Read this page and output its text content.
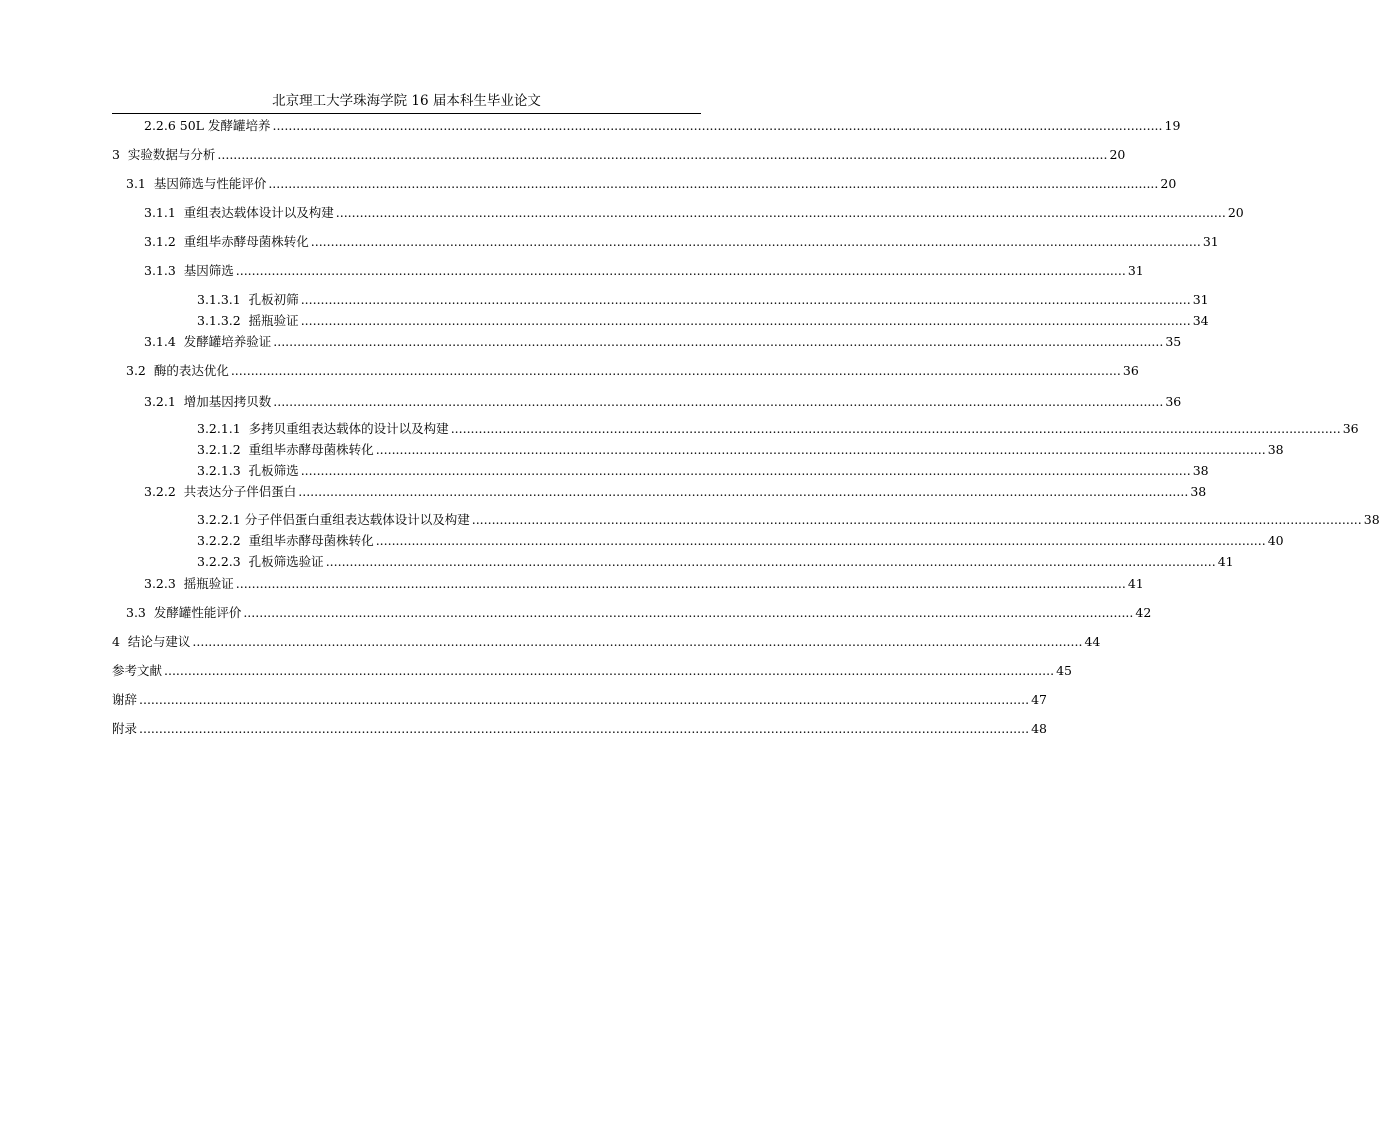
北京理工大学珠海学院 16 届本科生毕业论文
2.2.6 50L 发酵罐培养 .....	19
3  实验数据与分析 .....	20
3.1  基因筛选与性能评价 .....	20
3.1.1  重组表达载体设计以及构建 .....	20
3.1.2  重组毕赤酵母菌株转化 .....	31
3.1.3  基因筛选 .....	31
3.1.3.1  孔板初筛 .....	31
3.1.3.2  摇瓶验证 .....	34
3.1.4  发酵罐培养验证 .....	35
3.2  酶的表达优化 .....	36
3.2.1  增加基因拷贝数 .....	36
3.2.1.1  多拷贝重组表达载体的设计以及构建 .....	36
3.2.1.2  重组毕赤酵母菌株转化 .....	38
3.2.1.3  孔板筛选 .....	38
3.2.2  共表达分子伴侣蛋白 .....	38
3.2.2.1 分子伴侣蛋白重组表达载体设计以及构建 .....	38
3.2.2.2  重组毕赤酵母菌株转化 .....	40
3.2.2.3  孔板筛选验证 .....	41
3.2.3  摇瓶验证 .....	41
3.3  发酵罐性能评价 .....	42
4  结论与建议 .....	44
参考文献 .....	45
谢辞 .....	47
附录 .....	48
